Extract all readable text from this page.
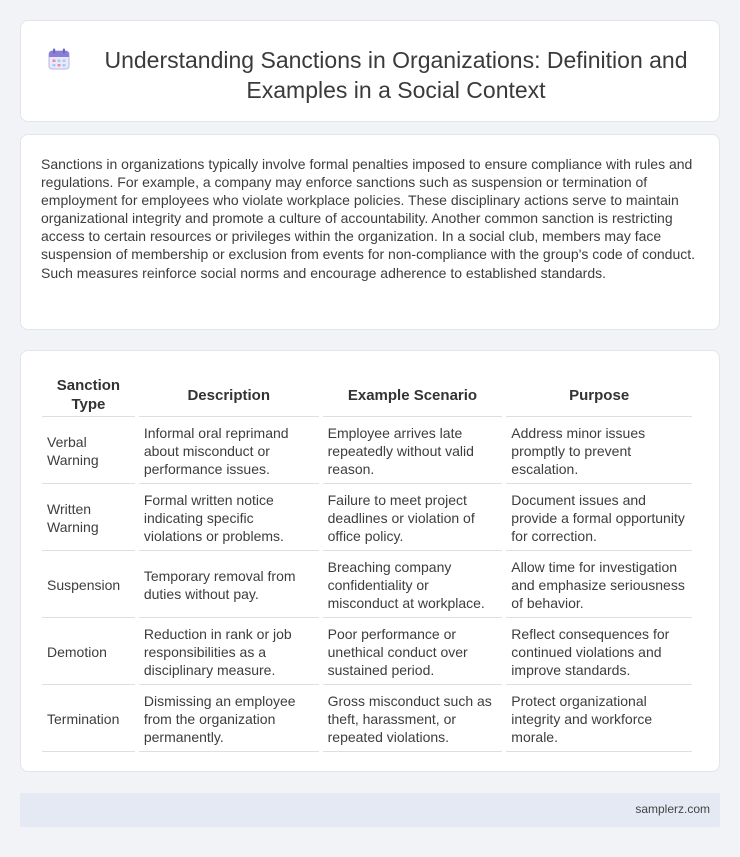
Understanding Sanctions in Organizations: Definition and Examples in a Social Context

Sanctions in organizations typically involve formal penalties imposed to ensure compliance with rules and regulations. For example, a company may enforce sanctions such as suspension or termination of employment for employees who violate workplace policies. These disciplinary actions serve to maintain organizational integrity and promote a culture of accountability. Another common sanction is restricting access to certain resources or privileges within the organization. In a social club, members may face suspension of membership or exclusion from events for non-compliance with the group's code of conduct. Such measures reinforce social norms and encourage adherence to established standards.

Sanction Type	Description	Example Scenario	Purpose
Verbal Warning	Informal oral reprimand about misconduct or performance issues.	Employee arrives late repeatedly without valid reason.	Address minor issues promptly to prevent escalation.
Written Warning	Formal written notice indicating specific violations or problems.	Failure to meet project deadlines or violation of office policy.	Document issues and provide a formal opportunity for correction.
Suspension	Temporary removal from duties without pay.	Breaching company confidentiality or misconduct at workplace.	Allow time for investigation and emphasize seriousness of behavior.
Demotion	Reduction in rank or job responsibilities as a disciplinary measure.	Poor performance or unethical conduct over sustained period.	Reflect consequences for continued violations and improve standards.
Termination	Dismissing an employee from the organization permanently.	Gross misconduct such as theft, harassment, or repeated violations.	Protect organizational integrity and workforce morale.
samplerz.com
